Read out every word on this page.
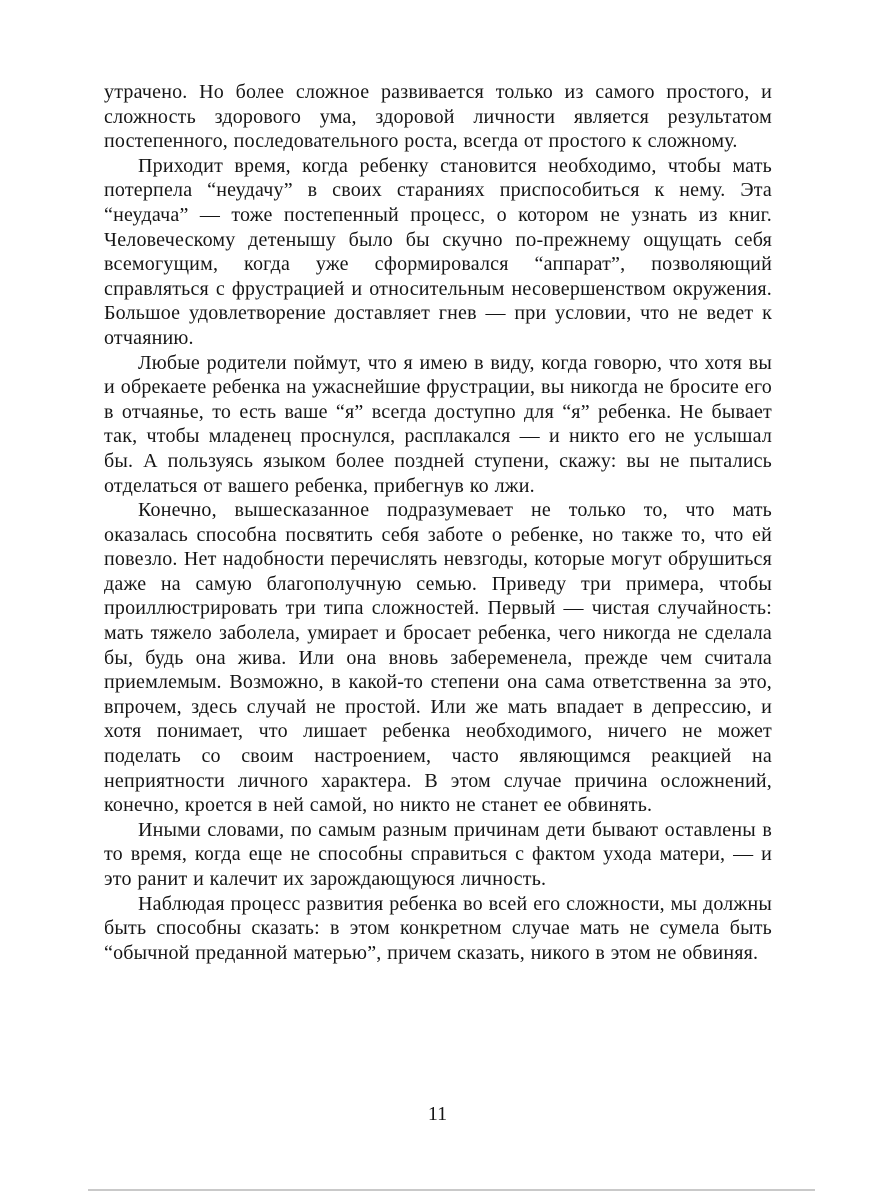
утрачено. Но более сложное развивается только из самого простого, и сложность здорового ума, здоровой личности является результатом постепенного, последовательного роста, всегда от простого к сложному.

Приходит время, когда ребенку становится необходимо, чтобы мать потерпела “неудачу” в своих стараниях приспособиться к нему. Эта “неудача” — тоже постепенный процесс, о котором не узнать из книг. Человеческому детенышу было бы скучно по-прежнему ощущать себя всемогущим, когда уже сформировался “аппарат”, позволяющий справляться с фрустрацией и относительным несовершенством окружения. Большое удовлетворение доставляет гнев — при условии, что не ведет к отчаянию.

Любые родители поймут, что я имею в виду, когда говорю, что хотя вы и обрекаете ребенка на ужаснейшие фрустрации, вы никогда не бросите его в отчаянье, то есть ваше “я” всегда доступно для “я” ребенка. Не бывает так, чтобы младенец проснулся, расплакался — и никто его не услышал бы. А пользуясь языком более поздней ступени, скажу: вы не пытались отделаться от вашего ребенка, прибегнув ко лжи.

Конечно, вышесказанное подразумевает не только то, что мать оказалась способна посвятить себя заботе о ребенке, но также то, что ей повезло. Нет надобности перечислять невзгоды, которые могут обрушиться даже на самую благополучную семью. Приведу три примера, чтобы проиллюстрировать три типа сложностей. Первый — чистая случайность: мать тяжело заболела, умирает и бросает ребенка, чего никогда не сделала бы, будь она жива. Или она вновь забеременела, прежде чем считала приемлемым. Возможно, в какой-то степени она сама ответственна за это, впрочем, здесь случай не простой. Или же мать впадает в депрессию, и хотя понимает, что лишает ребенка необходимого, ничего не может поделать со своим настроением, часто являющимся реакцией на неприятности личного характера. В этом случае причина осложнений, конечно, кроется в ней самой, но никто не станет ее обвинять.

Иными словами, по самым разным причинам дети бывают оставлены в то время, когда еще не способны справиться с фактом ухода матери, — и это ранит и калечит их зарождающуюся личность.

Наблюдая процесс развития ребенка во всей его сложности, мы должны быть способны сказать: в этом конкретном случае мать не сумела быть “обычной преданной матерью”, причем сказать, никого в этом не обвиняя.

11
